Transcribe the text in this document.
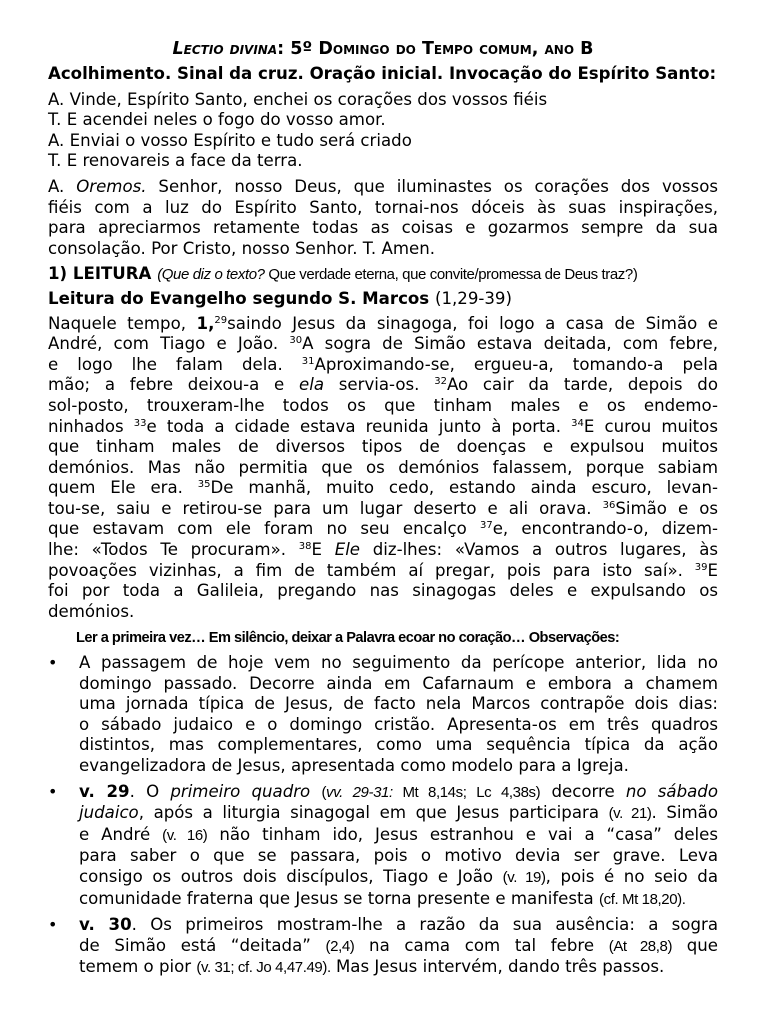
Lectio divina: 5º Domingo do Tempo comum, ano B
Acolhimento. Sinal da cruz. Oração inicial. Invocação do Espírito Santo:
A. Vinde, Espírito Santo, enchei os corações dos vossos fiéis
T. E acendei neles o fogo do vosso amor.
A. Enviai o vosso Espírito e tudo será criado
T. E renovareis a face da terra.
A. Oremos. Senhor, nosso Deus, que iluminastes os corações dos vossos
fiéis com a luz do Espírito Santo, tornai-nos dóceis às suas inspirações,
para apreciarmos retamente todas as coisas e gozarmos sempre da sua
consolação. Por Cristo, nosso Senhor. T. Amen.
1) LEITURA (Que diz o texto? Que verdade eterna, que convite/promessa de Deus traz?)
Leitura do Evangelho segundo S. Marcos (1,29-39)
Naquele tempo, 1,29saindo Jesus da sinagoga, foi logo a casa de Simão e
André, com Tiago e João. $^{30}$A sogra de Simão estava deitada, com febre,
e logo lhe falam dela. $^{31}$Aproximando-se, ergueu-a, tomando-a pela
mão; a febre deixou-a e ela servia-os. $^{32}$Ao cair da tarde, depois do
sol-posto, trouxeram-lhe todos os que tinham males e os endemo-
ninhados $^{33}$e toda a cidade estava reunida junto à porta. $^{34}$E curou muitos
que tinham males de diversos tipos de doenças e expulsou muitos
demónios. Mas não permitia que os demónios falassem, porque sabiam
quem Ele era. $^{35}$De manhã, muito cedo, estando ainda escuro, levan-
tou-se, saiu e retirou-se para um lugar deserto e ali orava. $^{36}$Simão e os
que estavam com ele foram no seu encalço $^{37}$e, encontrando-o, dizem-
lhe: «Todos Te procuram». $^{38}$E Ele diz-lhes: «Vamos a outros lugares, às
povoações vizinhas, a fim de também aí pregar, pois para isto saí». $^{39}$E
foi por toda a Galileia, pregando nas sinagogas deles e expulsando os
demónios.
Ler a primeira vez… Em silêncio, deixar a Palavra ecoar no coração… Observações:
• A passagem de hoje vem no seguimento da perícope anterior, lida no
domingo passado. Decorre ainda em Cafarnaum e embora a chamem
uma jornada típica de Jesus, de facto nela Marcos contrapõe dois dias:
o sábado judaico e o domingo cristão. Apresenta-os em três quadros
distintos, mas complementares, como uma sequência típica da ação
evangelizadora de Jesus, apresentada como modelo para a Igreja.
• v. 29. O primeiro quadro (vv. 29-31: Mt 8,14s; Lc 4,38s) decorre no sábado
judaico, após a liturgia sinagogal em que Jesus participara (v. 21). Simão
e André (v. 16) não tinham ido, Jesus estranhou e vai a “casa” deles
para saber o que se passara, pois o motivo devia ser grave. Leva
consigo os outros dois discípulos, Tiago e João (v. 19), pois é no seio da
comunidade fraterna que Jesus se torna presente e manifesta (cf. Mt 18,20).
• v. 30. Os primeiros mostram-lhe a razão da sua ausência: a sogra
de Simão está “deitada” (2,4) na cama com tal febre (At 28,8) que
temem o pior (v. 31; cf. Jo 4,47.49). Mas Jesus intervém, dando três passos.
